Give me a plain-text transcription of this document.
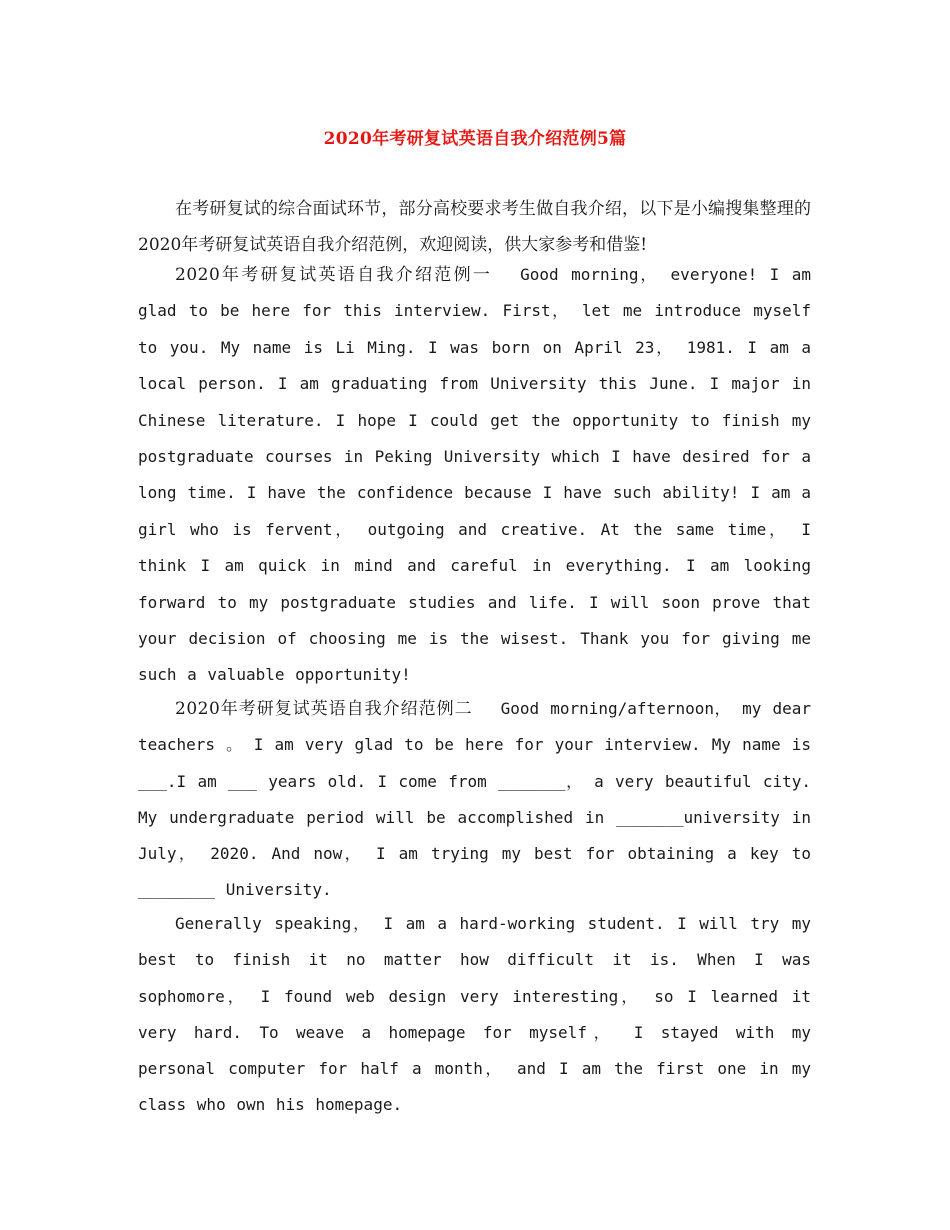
2020年考研复试英语自我介绍范例5篇
在考研复试的综合面试环节，部分高校要求考生做自我介绍，以下是小编搜集整理的2020年考研复试英语自我介绍范例，欢迎阅读，供大家参考和借鉴!
2020年考研复试英语自我介绍范例一 Good morning， everyone! I am glad to be here for this interview. First， let me introduce myself to you. My name is Li Ming. I was born on April 23， 1981. I am a local person. I am graduating from University this June. I major in Chinese literature. I hope I could get the opportunity to finish my postgraduate courses in Peking University which I have desired for a long time. I have the confidence because I have such ability! I am a girl who is fervent， outgoing and creative. At the same time， I think I am quick in mind and careful in everything. I am looking forward to my postgraduate studies and life. I will soon prove that your decision of choosing me is the wisest. Thank you for giving me such a valuable opportunity!
2020年考研复试英语自我介绍范例二 Good morning/afternoon， my dear teachers 。 I am very glad to be here for your interview. My name is ___.I am ___ years old. I come from _______， a very beautiful city. My undergraduate period will be accomplished in _______university in July， 2020. And now， I am trying my best for obtaining a key to ________ University.
Generally speaking， I am a hard-working student. I will try my best to finish it no matter how difficult it is. When I was sophomore， I found web design very interesting， so I learned it very hard. To weave a homepage for myself， I stayed with my personal computer for half a month， and I am the first one in my class who own his homepage.
